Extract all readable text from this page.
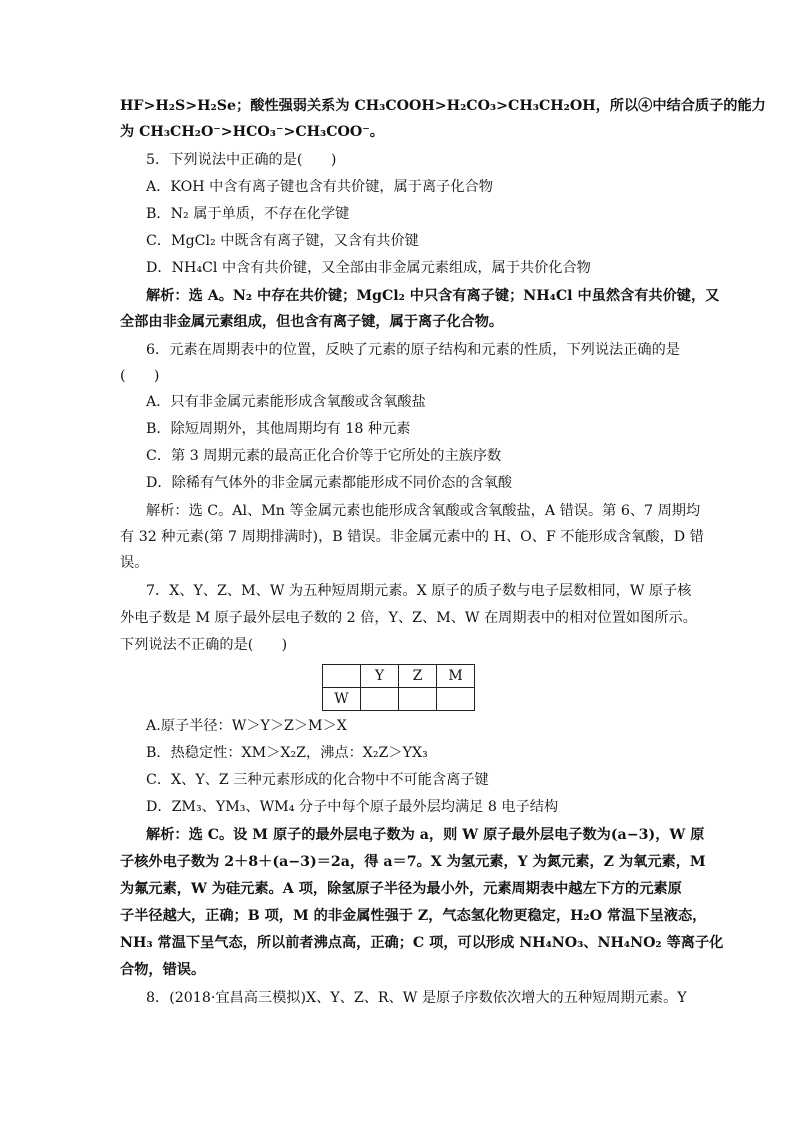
HF>H₂S>H₂Se；酸性强弱关系为 CH₃COOH>H₂CO₃>CH₃CH₂OH，所以④中结合质子的能力
为 CH₃CH₂O⁻>HCO₃⁻>CH₃COO⁻。
5．下列说法中正确的是(　　)
A．KOH 中含有离子键也含有共价键，属于离子化合物
B．N₂ 属于单质，不存在化学键
C．MgCl₂ 中既含有离子键，又含有共价键
D．NH₄Cl 中含有共价键，又全部由非金属元素组成，属于共价化合物
解析：选 A。N₂ 中存在共价键；MgCl₂ 中只含有离子键；NH₄Cl 中虽然含有共价键，又
全部由非金属元素组成，但也含有离子键，属于离子化合物。
6．元素在周期表中的位置，反映了元素的原子结构和元素的性质，下列说法正确的是
(　　)
A．只有非金属元素能形成含氧酸或含氧酸盐
B．除短周期外，其他周期均有 18 种元素
C．第 3 周期元素的最高正化合价等于它所处的主族序数
D．除稀有气体外的非金属元素都能形成不同价态的含氧酸
解析：选 C。Al、Mn 等金属元素也能形成含氧酸或含氧酸盐，A 错误。第 6、7 周期均
有 32 种元素(第 7 周期排满时)，B 错误。非金属元素中的 H、O、F 不能形成含氧酸，D 错
误。
7．X、Y、Z、M、W 为五种短周期元素。X 原子的质子数与电子层数相同，W 原子核
外电子数是 M 原子最外层电子数的 2 倍，Y、Z、M、W 在周期表中的相对位置如图所示。
下列说法不正确的是(　　)
	Y	Z	M
W			
A.原子半径：W＞Y＞Z＞M＞X
B．热稳定性：XM＞X₂Z，沸点：X₂Z＞YX₃
C．X、Y、Z 三种元素形成的化合物中不可能含离子键
D．ZM₃、YM₃、WM₄ 分子中每个原子最外层均满足 8 电子结构
解析：选 C。设 M 原子的最外层电子数为 a，则 W 原子最外层电子数为(a−3)，W 原
子核外电子数为 2＋8＋(a−3)＝2a，得 a＝7。X 为氢元素，Y 为氮元素，Z 为氧元素，M
为氟元素，W 为硅元素。A 项，除氢原子半径为最小外，元素周期表中越左下方的元素原
子半径越大，正确；B 项，M 的非金属性强于 Z，气态氢化物更稳定，H₂O 常温下呈液态，
NH₃ 常温下呈气态，所以前者沸点高，正确；C 项，可以形成 NH₄NO₃、NH₄NO₂ 等离子化
合物，错误。
8．(2018·宜昌高三模拟)X、Y、Z、R、W 是原子序数依次增大的五种短周期元素。Y
